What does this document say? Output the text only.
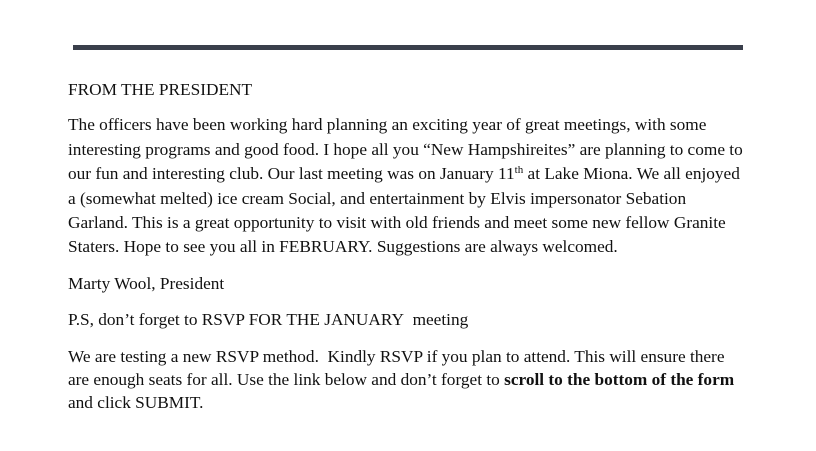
FROM THE PRESIDENT

The officers have been working hard planning an exciting year of great meetings, with some interesting programs and good food. I hope all you “New Hampshireites” are planning to come to our fun and interesting club. Our last meeting was on January 11th at Lake Miona. We all enjoyed a (somewhat melted) ice cream Social, and entertainment by Elvis impersonator Sebation Garland. This is a great opportunity to visit with old friends and meet some new fellow Granite Staters. Hope to see you all in FEBRUARY. Suggestions are always welcomed.

Marty Wool, President

P.S, don’t forget to RSVP FOR THE JANUARY  meeting

We are testing a new RSVP method.  Kindly RSVP if you plan to attend. This will ensure there are enough seats for all. Use the link below and don’t forget to scroll to the bottom of the form and click SUBMIT.
